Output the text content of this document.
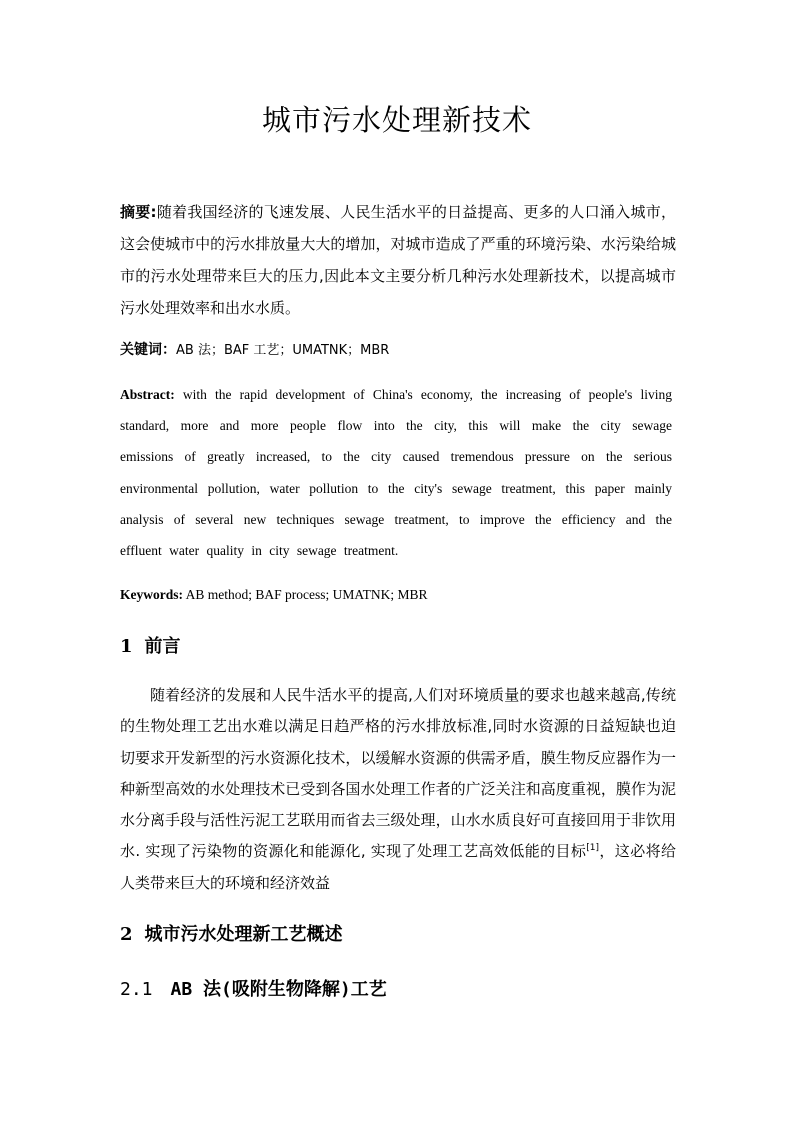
城市污水处理新技术
摘要:随着我国经济的飞速发展、人民生活水平的日益提高、更多的人口涌入城市，这会使城市中的污水排放量大大的增加，对城市造成了严重的环境污染、水污染给城市的污水处理带来巨大的压力,因此本文主要分析几种污水处理新技术，以提高城市污水处理效率和出水水质。
关键词：AB 法；BAF 工艺；UMATNK；MBR
Abstract: with the rapid development of China's economy, the increasing of people's living standard, more and more people flow into the city, this will make the city sewage emissions of greatly increased, to the city caused tremendous pressure on the serious environmental pollution, water pollution to the city's sewage treatment, this paper mainly analysis of several new techniques sewage treatment, to improve the efficiency and the effluent water quality in city sewage treatment.
Keywords: AB method; BAF process; UMATNK; MBR
1 前言
随着经济的发展和人民牛活水平的提高,人们对环境质量的要求也越来越高,传统的生物处理工艺出水难以满足日趋严格的污水排放标准,同时水资源的日益短缺也迫切要求开发新型的污水资源化技术，以缓解水资源的供需矛盾，膜生物反应器作为一种新型高效的水处理技术已受到各国水处理工作者的广泛关注和高度重视，膜作为泥水分离手段与活性污泥工艺联用而省去三级处理，山水水质良好可直接回用于非饮用水. 实现了污染物的资源化和能源化, 实现了处理工艺高效低能的目标[1]，这必将给人类带来巨大的环境和经济效益
2 城市污水处理新工艺概述
2.1 AB 法(吸附生物降解)工艺
